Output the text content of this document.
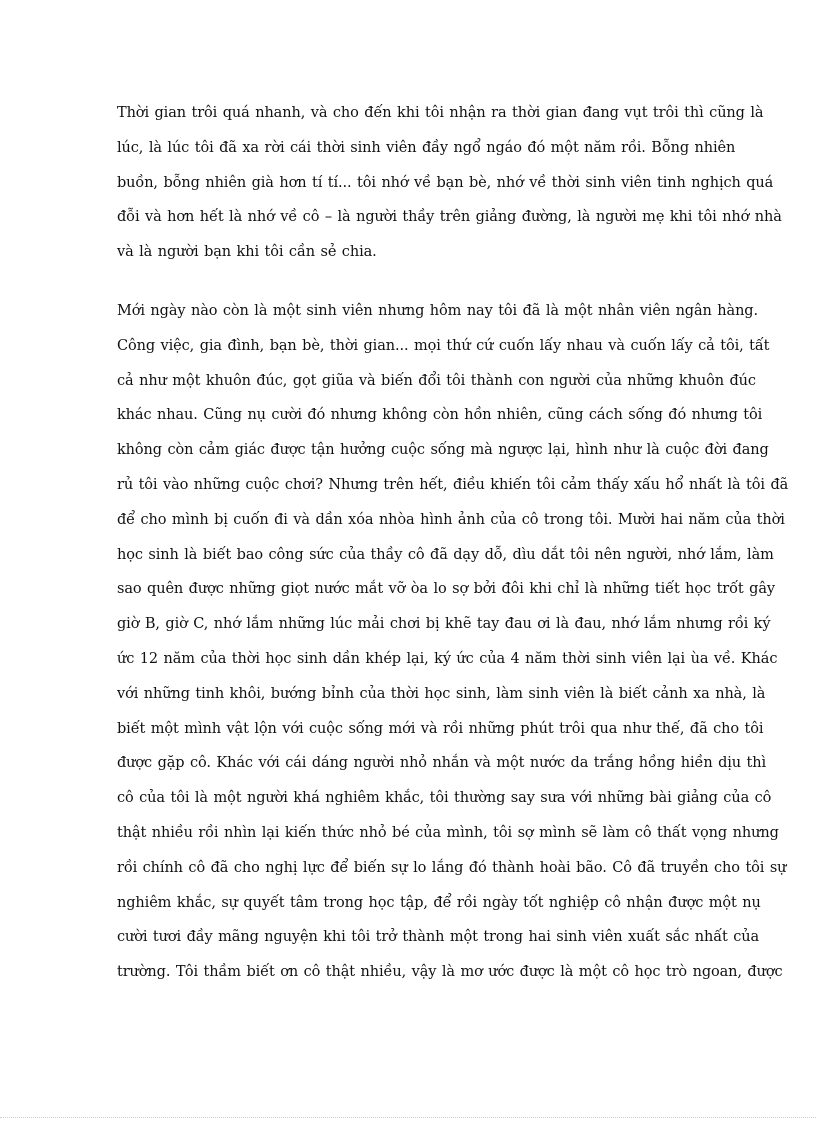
Thời gian trôi quá nhanh, và cho đến khi tôi nhận ra thời gian đang vụt trôi thì cũng là
lúc, là lúc tôi đã xa rời cái thời sinh viên đầy ngổ ngáo đó một năm rồi. Bỗng nhiên
buồn, bỗng nhiên già hơn tí tí... tôi nhớ về bạn bè, nhớ về thời sinh viên tinh nghịch quá
đỗi và hơn hết là nhớ về cô – là người thầy trên giảng đường, là người mẹ khi tôi nhớ nhà
và là người bạn khi tôi cần sẻ chia.

Mới ngày nào còn là một sinh viên nhưng hôm nay tôi đã là một nhân viên ngân hàng.
Công việc, gia đình, bạn bè, thời gian... mọi thứ cứ cuốn lấy nhau và cuốn lấy cả tôi, tất
cả như một khuôn đúc, gọt giũa và biến đổi tôi thành con người của những khuôn đúc
khác nhau. Cũng nụ cười đó nhưng không còn hồn nhiên, cũng cách sống đó nhưng tôi
không còn cảm giác được tận hưởng cuộc sống mà ngược lại, hình như là cuộc đời đang
rủ tôi vào những cuộc chơi? Nhưng trên hết, điều khiến tôi cảm thấy xấu hổ nhất là tôi đã
để cho mình bị cuốn đi và dần xóa nhòa hình ảnh của cô trong tôi. Mười hai năm của thời
học sinh là biết bao công sức của thầy cô đã dạy dỗ, dìu dắt tôi nên người, nhớ lắm, làm
sao quên được những giọt nước mắt vỡ òa lo sợ bởi đôi khi chỉ là những tiết học trốt gây
giờ B, giờ C, nhớ lắm những lúc mải chơi bị khẽ tay đau ơi là đau, nhớ lắm nhưng rồi ký
ức 12 năm của thời học sinh dần khép lại, ký ức của 4 năm thời sinh viên lại ùa về. Khác
với những tinh khôi, bướng bỉnh của thời học sinh, làm sinh viên là biết cảnh xa nhà, là
biết một mình vật lộn với cuộc sống mới và rồi những phút trôi qua như thế, đã cho tôi
được gặp cô. Khác với cái dáng người nhỏ nhắn và một nước da trắng hồng hiền dịu thì
cô của tôi là một người khá nghiêm khắc, tôi thường say sưa với những bài giảng của cô
thật nhiều rồi nhìn lại kiến thức nhỏ bé của mình, tôi sợ mình sẽ làm cô thất vọng nhưng
rồi chính cô đã cho nghị lực để biến sự lo lắng đó thành hoài bão. Cô đã truyền cho tôi sự
nghiêm khắc, sự quyết tâm trong học tập, để rồi ngày tốt nghiệp cô nhận được một nụ
cười tươi đầy mãng nguyện khi tôi trở thành một trong hai sinh viên xuất sắc nhất của
trường. Tôi thầm biết ơn cô thật nhiều, vậy là mơ ước được là một cô học trò ngoan, được
